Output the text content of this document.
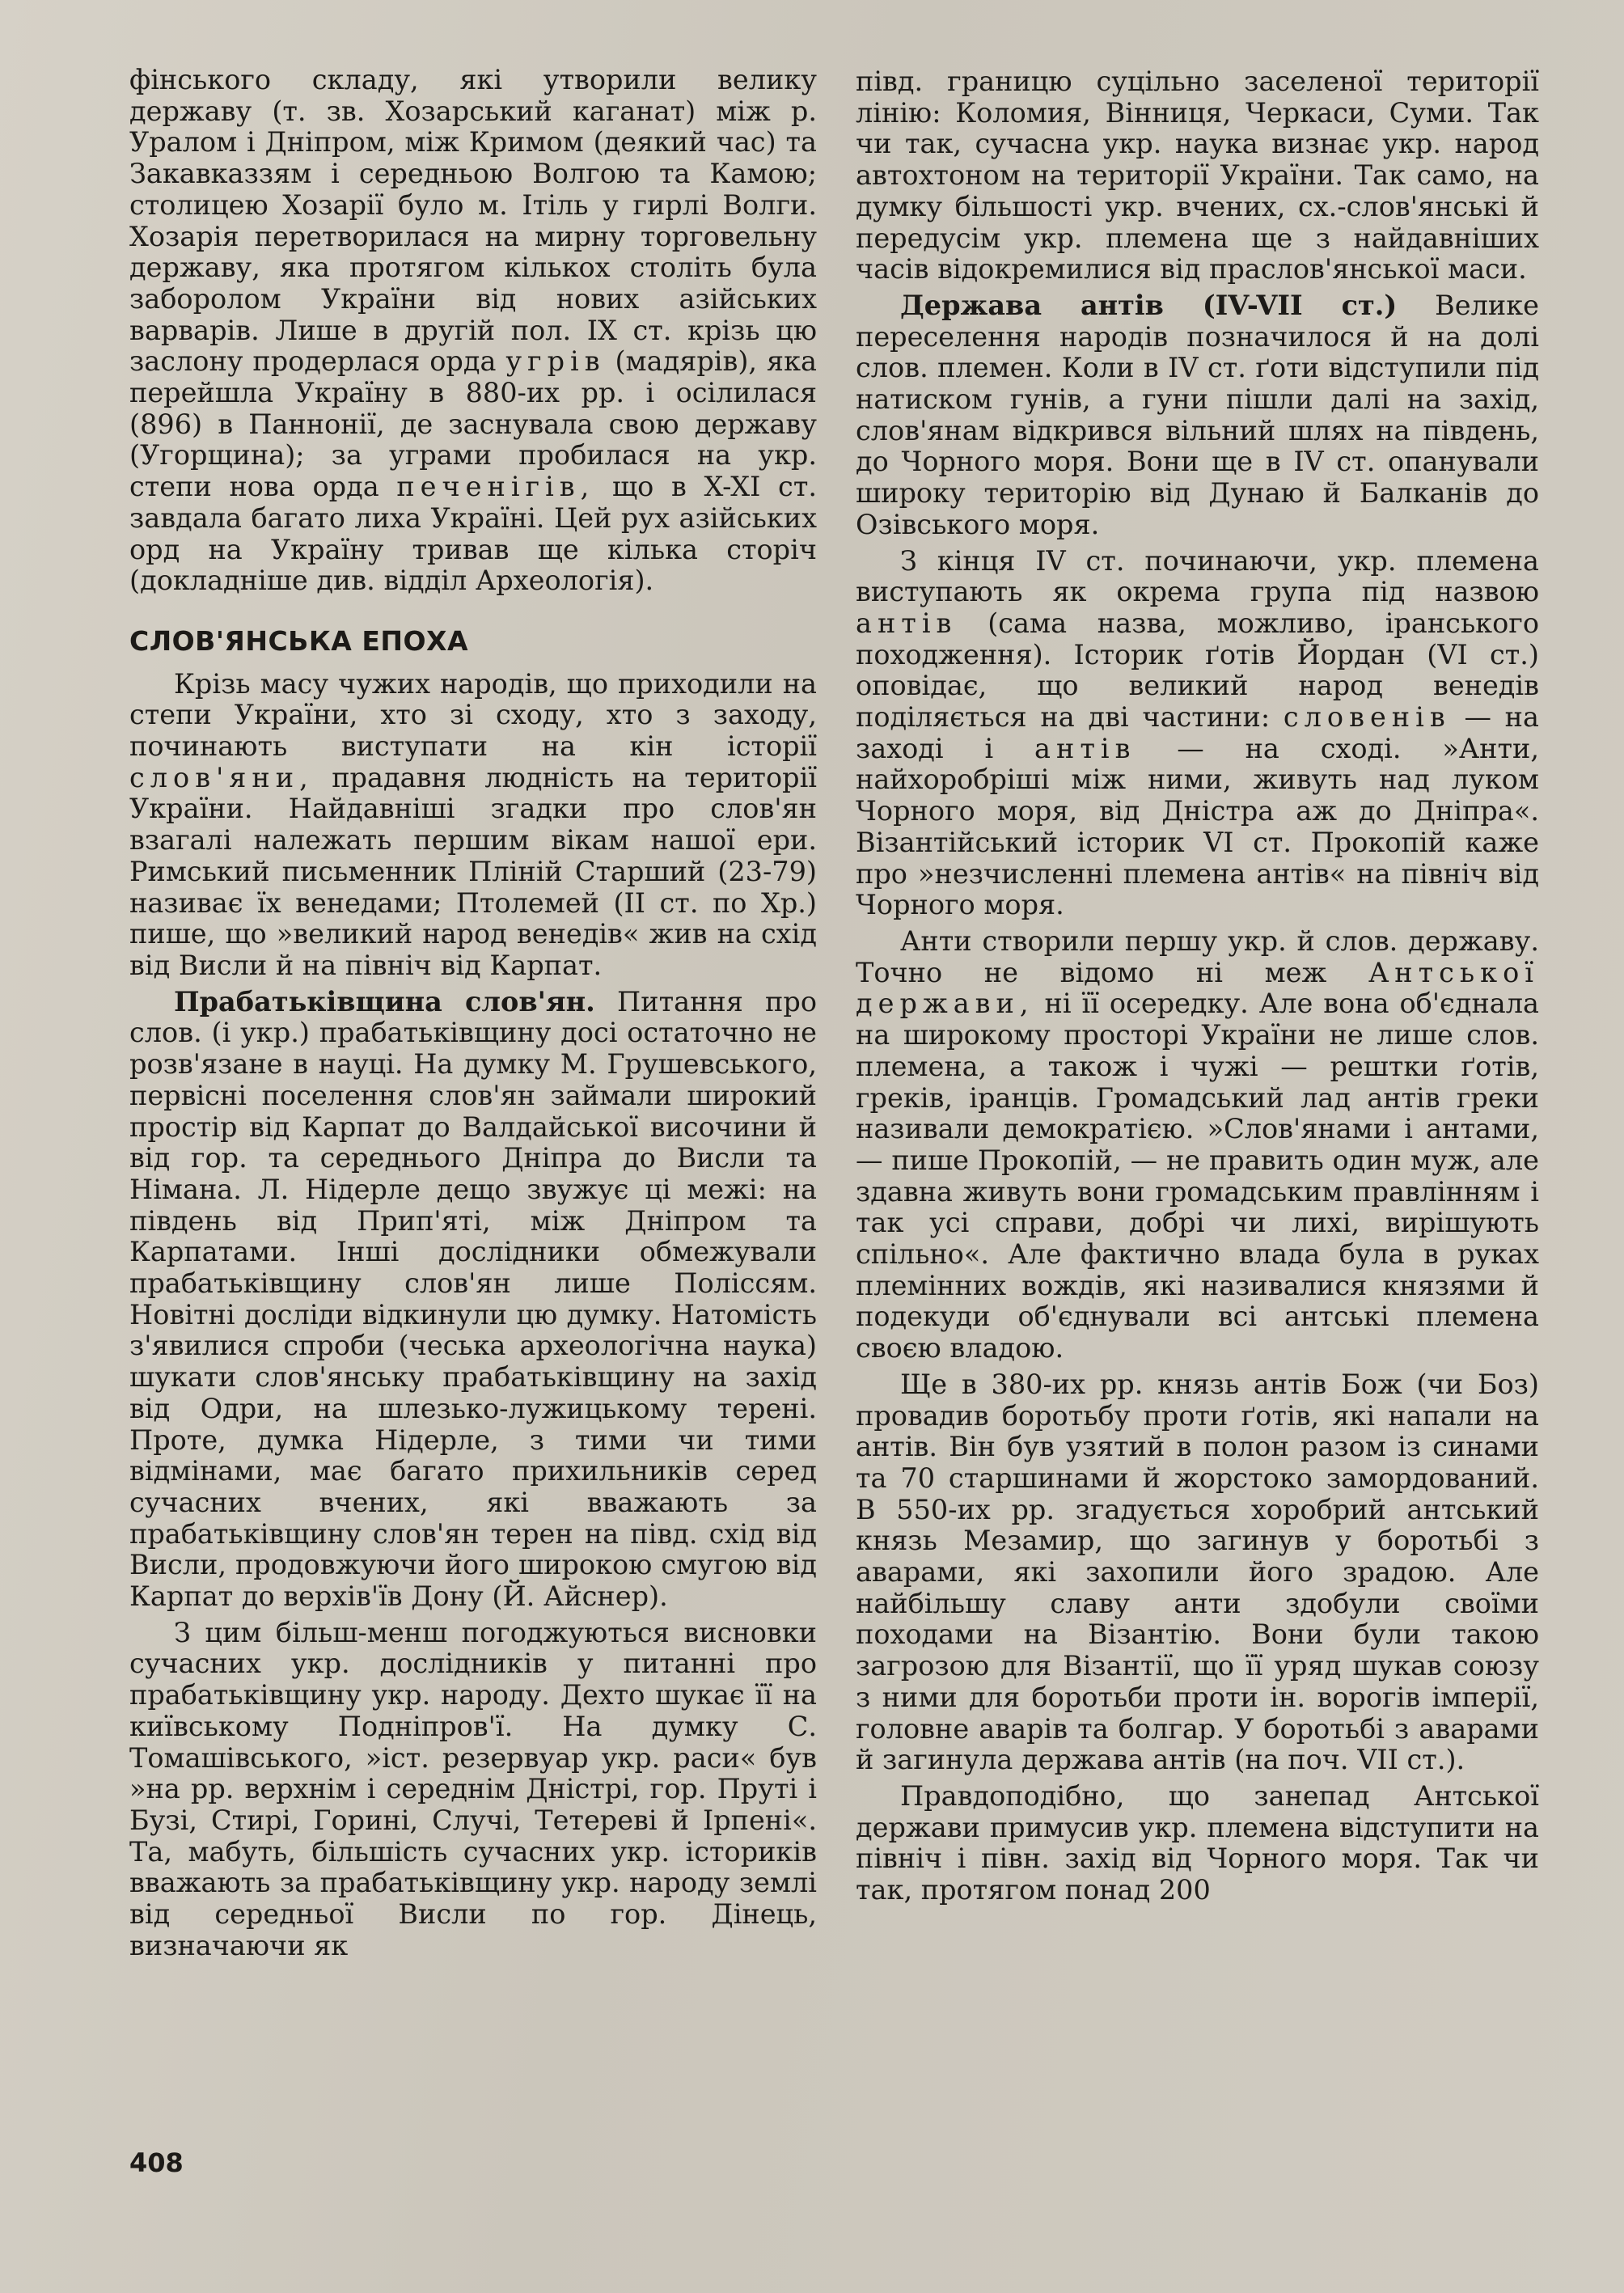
фінського складу, які утворили велику державу (т. зв. Хозарський каганат) між р. Уралом і Дніпром, між Кримом (деякий час) та Закавказзям і середньою Волгою та Камою; столицею Хозарії було м. Ітіль у гирлі Волги. Хозарія перетворилася на мирну торговельну державу, яка протягом кількох століть була заборолом України від нових азійських варварів. Лише в другій пол. IX ст. крізь цю заслону продерлася орда угрів (мадярів), яка перейшла Україну в 880-их рр. і осілилася (896) в Паннонії, де заснувала свою державу (Угорщина); за уграми пробилася на укр. степи нова орда печенігів, що в X-XI ст. завдала багато лиха Україні. Цей рух азійських орд на Україну тривав ще кілька сторіч (докладніше див. відділ Археологія).

СЛОВ'ЯНСЬКА ЕПОХА

Крізь масу чужих народів, що приходили на степи України, хто зі сходу, хто з заходу, починають виступати на кін історії слов'яни, прадавня людність на території України. Найдавніші згадки про слов'ян взагалі належать першим вікам нашої ери. Римський письменник Пліній Старший (23-79) називає їх венедами; Птолемей (II ст. по Хр.) пише, що »великий народ венедів« жив на схід від Висли й на північ від Карпат.

Прабатьківщина слов'ян. Питання про слов. (і укр.) прабатьківщину досі остаточно не розв'язане в науці. На думку М. Грушевського, первісні поселення слов'ян займали широкий простір від Карпат до Валдайської височини й від гор. та середнього Дніпра до Висли та Німана. Л. Нідерле дещо звужує ці межі: на південь від Прип'яті, між Дніпром та Карпатами. Інші дослідники обмежували прабатьківщину слов'ян лише Поліссям. Новітні досліди відкинули цю думку. Натомість з'явилися спроби (чеська археологічна наука) шукати слов'янську прабатьківщину на захід від Одри, на шлезько-лужицькому терені. Проте, думка Нідерле, з тими чи тими відмінами, має багато прихильників серед сучасних вчених, які вважають за прабатьківщину слов'ян терен на півд. схід від Висли, продовжуючи його широкою смугою від Карпат до верхів'їв Дону (Й. Айснер).

З цим більш-менш погоджуються висновки сучасних укр. дослідників у питанні про прабатьківщину укр. народу. Дехто шукає її на київському Подніпров'ї. На думку С. Томашівського, »іст. резервуар укр. раси« був »на рр. верхнім і середнім Дністрі, гор. Пруті і Бузі, Стирі, Горині, Случі, Тетереві й Ірпені«. Та, мабуть, більшість сучасних укр. істориків вважають за прабатьківщину укр. народу землі від середньої Висли по гор. Дінець, визначаючи як

півд. границю суцільно заселеної території лінію: Коломия, Вінниця, Черкаси, Суми. Так чи так, сучасна укр. наука визнає укр. народ автохтоном на території України. Так само, на думку більшості укр. вчених, сх.-слов'янські й передусім укр. племена ще з найдавніших часів відокремилися від праслов'янської маси.

Держава антів (IV-VII ст.) Велике переселення народів позначилося й на долі слов. племен. Коли в IV ст. ґоти відступили під натиском гунів, а гуни пішли далі на захід, слов'янам відкрився вільний шлях на південь, до Чорного моря. Вони ще в IV ст. опанували широку територію від Дунаю й Балканів до Озівського моря.

З кінця IV ст. починаючи, укр. племена виступають як окрема група під назвою антів (сама назва, можливо, іранського походження). Історик ґотів Йордан (VI ст.) оповідає, що великий народ венедів поділяється на дві частини: словенів — на заході і антів — на сході. »Анти, найхоробріші між ними, живуть над луком Чорного моря, від Дністра аж до Дніпра«. Візантійський історик VI ст. Прокопій каже про »незчисленні племена антів« на північ від Чорного моря.

Анти створили першу укр. й слов. державу. Точно не відомо ні меж Антської держави, ні її осередку. Але вона об'єднала на широкому просторі України не лише слов. племена, а також і чужі — рештки ґотів, греків, іранців. Громадський лад антів греки називали демократією. »Слов'янами і антами, — пише Прокопій, — не править один муж, але здавна живуть вони громадським правлінням і так усі справи, добрі чи лихі, вирішують спільно«. Але фактично влада була в руках племінних вождів, які називалися князями й подекуди об'єднували всі антські племена своєю владою.

Ще в 380-их рр. князь антів Бож (чи Боз) провадив боротьбу проти ґотів, які напали на антів. Він був узятий в полон разом із синами та 70 старшинами й жорстоко замордований. В 550-их рр. згадується хоробрий антський князь Мезамир, що загинув у боротьбі з аварами, які захопили його зрадою. Але найбільшу славу анти здобули своїми походами на Візантію. Вони були такою загрозою для Візантії, що її уряд шукав союзу з ними для боротьби проти ін. ворогів імперії, головне аварів та болгар. У боротьбі з аварами й загинула держава антів (на поч. VII ст.).

Правдоподібно, що занепад Антської держави примусив укр. племена відступити на північ і півн. захід від Чорного моря. Так чи так, протягом понад 200

408
